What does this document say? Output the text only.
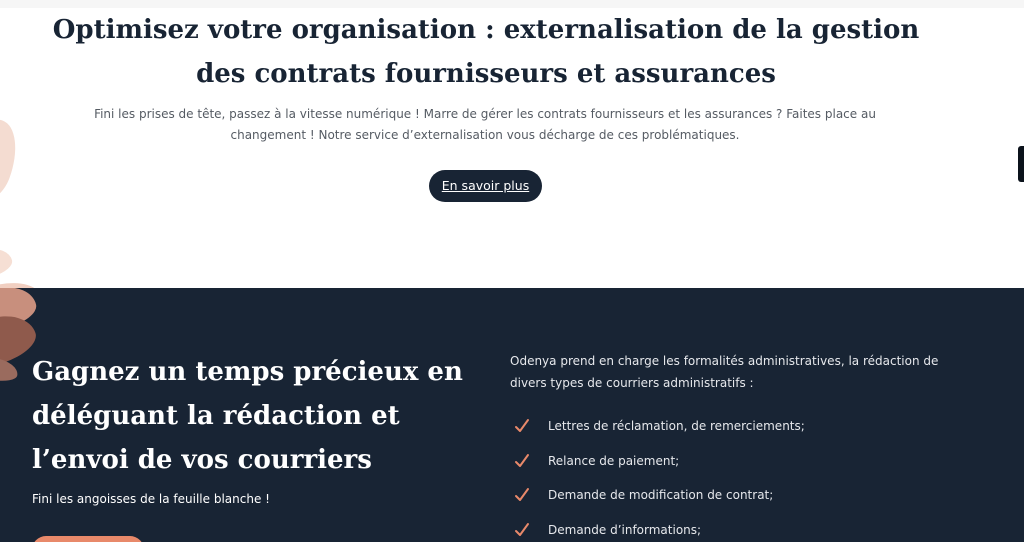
Optimisez votre organisation : externalisation de la gestion des contrats fournisseurs et assurances

Fini les prises de tête, passez à la vitesse numérique ! Marre de gérer les contrats fournisseurs et les assurances ? Faites place au changement ! Notre service d’externalisation vous décharge de ces problématiques.

En savoir plus
Gagnez un temps précieux en déléguant la rédaction et l’envoi de vos courriers

Fini les angoisses de la feuille blanche !

Odenya prend en charge les formalités administratives, la rédaction de divers types de courriers administratifs :

Lettres de réclamation, de remerciements;
Relance de paiement;
Demande de modification de contrat;
Demande d’informations;
